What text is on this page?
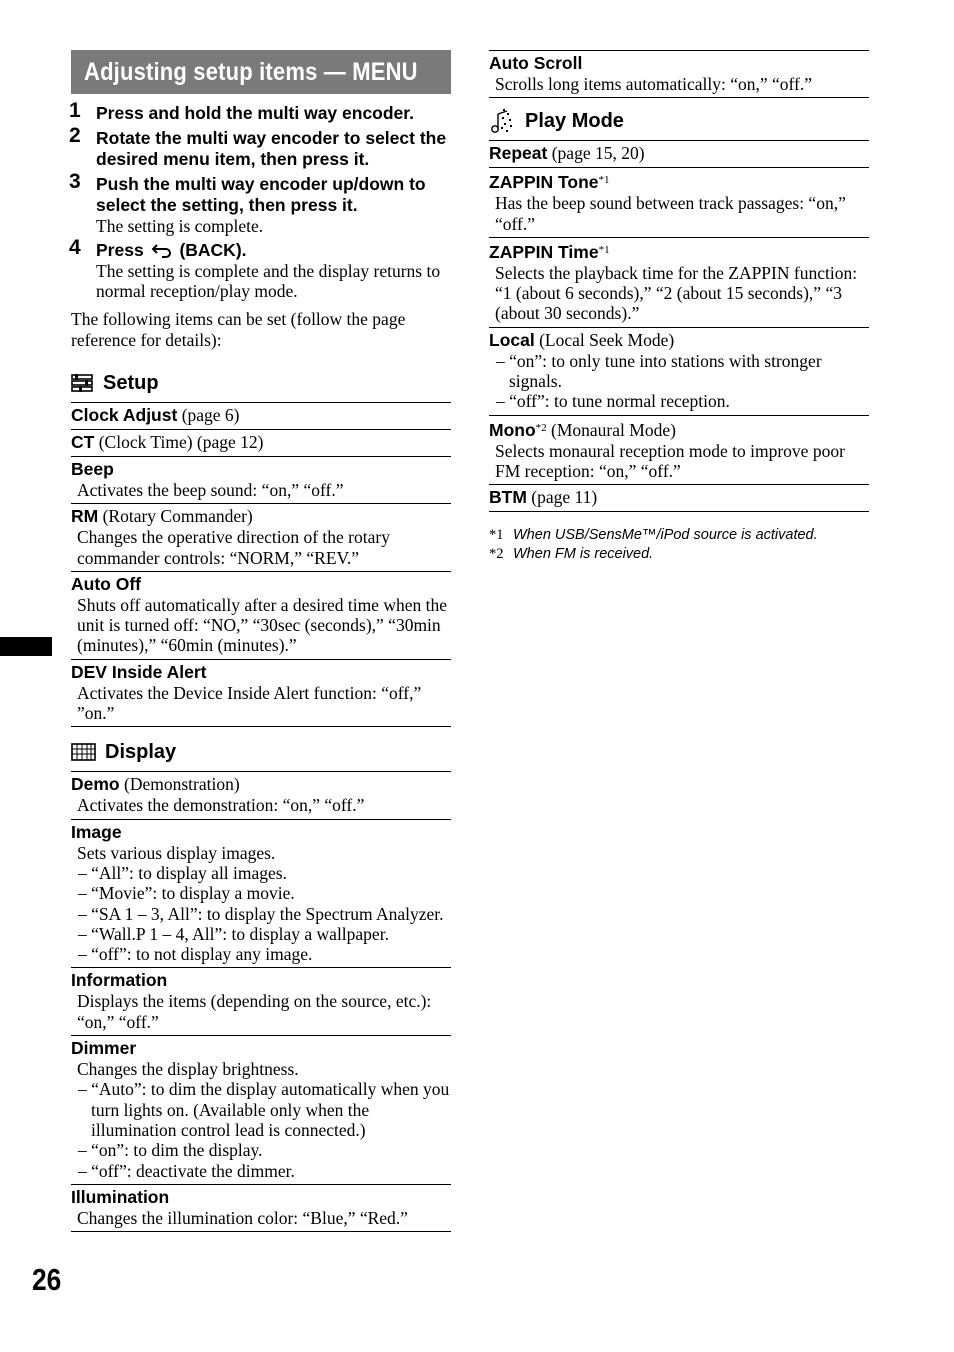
26
Adjusting setup items — MENU
1 Press and hold the multi way encoder.
2 Rotate the multi way encoder to select the desired menu item, then press it.
3 Push the multi way encoder up/down to select the setting, then press it.
The setting is complete.
4 Press (BACK).
The setting is complete and the display returns to normal reception/play mode.
The following items can be set (follow the page reference for details):
Setup
Clock Adjust (page 6)
CT (Clock Time) (page 12)
Beep
Activates the beep sound: “on,” “off.”
RM (Rotary Commander)
Changes the operative direction of the rotary commander controls: “NORM,” “REV.”
Auto Off
Shuts off automatically after a desired time when the unit is turned off: “NO,” “30sec (seconds),” “30min (minutes),” “60min (minutes).”
DEV Inside Alert
Activates the Device Inside Alert function: “off,” ”on.”
Display
Demo (Demonstration)
Activates the demonstration: “on,” “off.”
Image
Sets various display images.
– “All”: to display all images.
– “Movie”: to display a movie.
– “SA 1 – 3, All”: to display the Spectrum Analyzer.
– “Wall.P 1 – 4, All”: to display a wallpaper.
– “off”: to not display any image.
Information
Displays the items (depending on the source, etc.): “on,” “off.”
Dimmer
Changes the display brightness.
– “Auto”: to dim the display automatically when you turn lights on. (Available only when the illumination control lead is connected.)
– “on”: to dim the display.
– “off”: deactivate the dimmer.
Illumination
Changes the illumination color: “Blue,” “Red.”
Auto Scroll
Scrolls long items automatically: “on,” “off.”
Play Mode
Repeat (page 15, 20)
ZAPPIN Tone$^{*1}$
Has the beep sound between track passages: “on,” “off.”
ZAPPIN Time$^{*1}$
Selects the playback time for the ZAPPIN function: “1 (about 6 seconds),” “2 (about 15 seconds),” “3 (about 30 seconds).”
Local (Local Seek Mode)
– “on”: to only tune into stations with stronger signals.
– “off”: to tune normal reception.
Mono$^{*2}$ (Monaural Mode)
Selects monaural reception mode to improve poor FM reception: “on,” “off.”
BTM (page 11)
*1 When USB/SensMe™/iPod source is activated.
*2 When FM is received.
